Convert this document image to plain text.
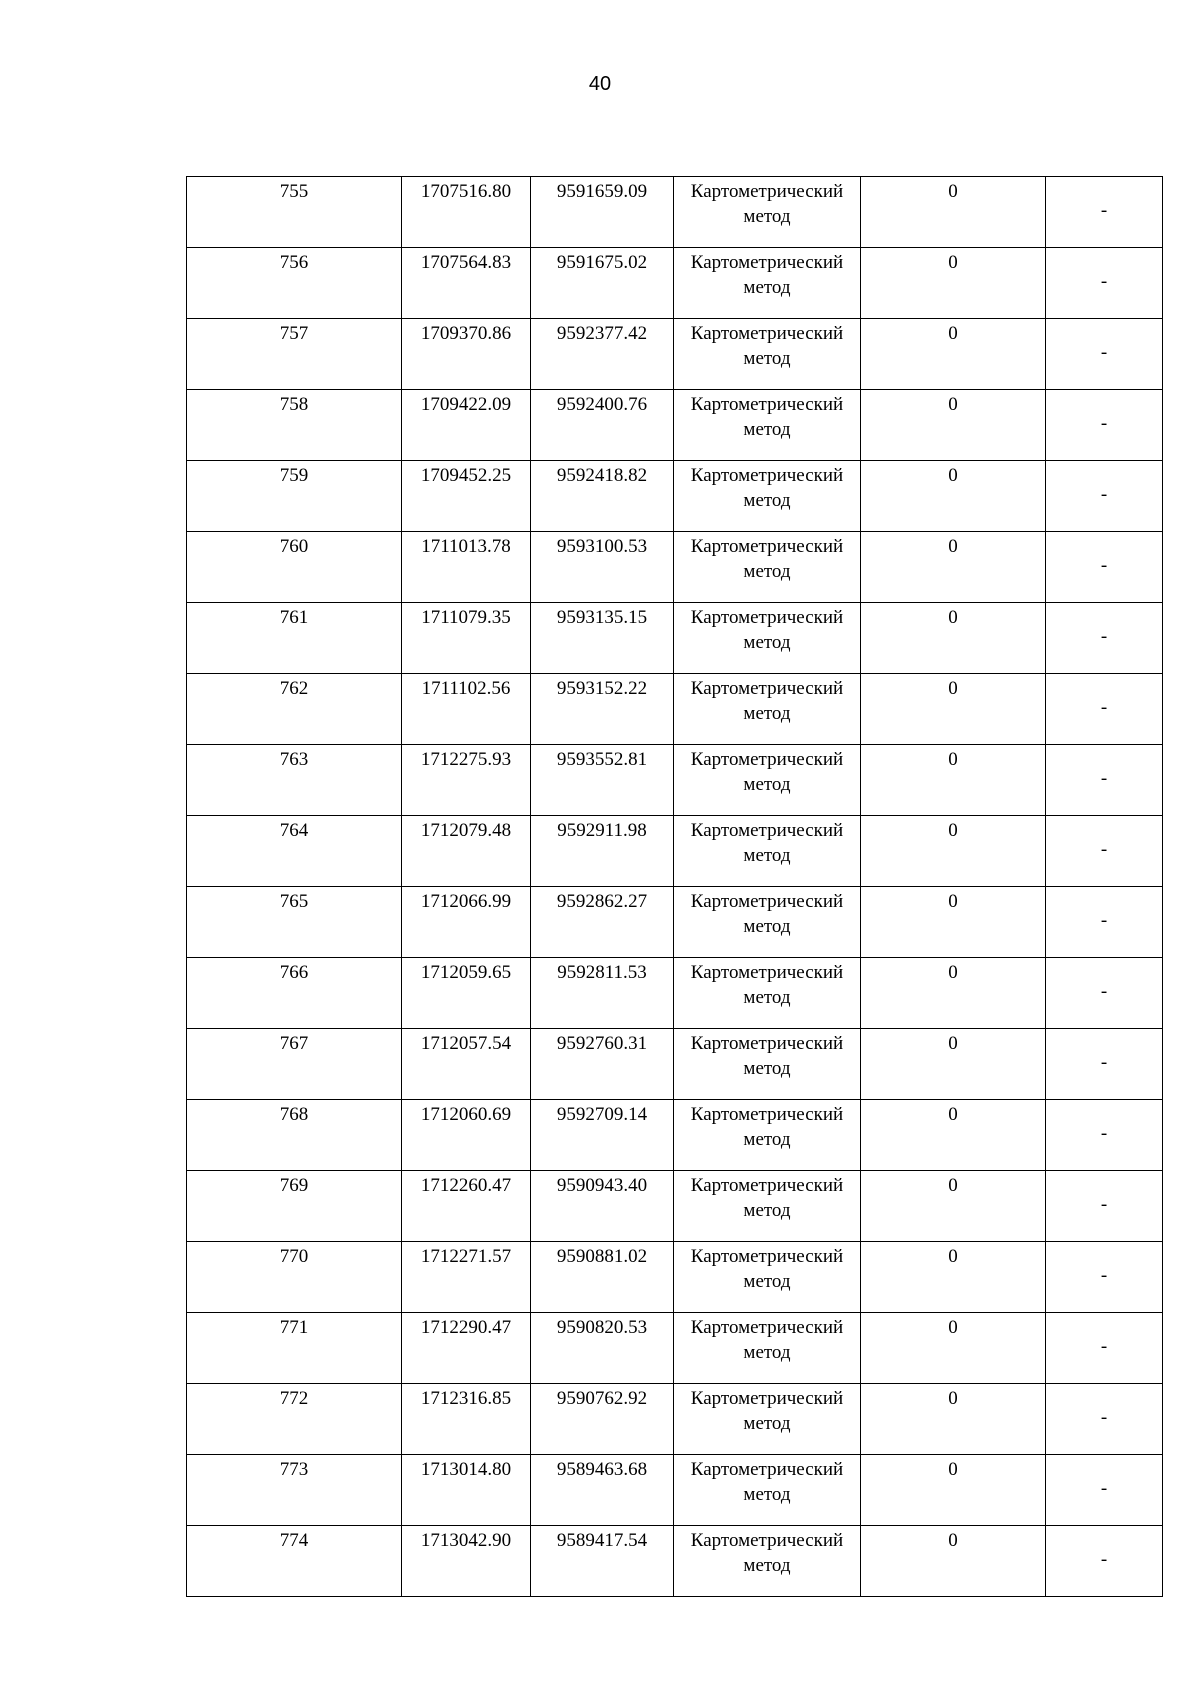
40
755	1707516.80	9591659.09	Картометрический метод	0	-

756	1707564.83	9591675.02	Картометрический метод	0	-

757	1709370.86	9592377.42	Картометрический метод	0	-

758	1709422.09	9592400.76	Картометрический метод	0	-

759	1709452.25	9592418.82	Картометрический метод	0	-

760	1711013.78	9593100.53	Картометрический метод	0	-

761	1711079.35	9593135.15	Картометрический метод	0	-

762	1711102.56	9593152.22	Картометрический метод	0	-

763	1712275.93	9593552.81	Картометрический метод	0	-

764	1712079.48	9592911.98	Картометрический метод	0	-

765	1712066.99	9592862.27	Картометрический метод	0	-

766	1712059.65	9592811.53	Картометрический метод	0	-

767	1712057.54	9592760.31	Картометрический метод	0	-

768	1712060.69	9592709.14	Картометрический метод	0	-

769	1712260.47	9590943.40	Картометрический метод	0	-

770	1712271.57	9590881.02	Картометрический метод	0	-

771	1712290.47	9590820.53	Картометрический метод	0	-

772	1712316.85	9590762.92	Картометрический метод	0	-

773	1713014.80	9589463.68	Картометрический метод	0	-

774	1713042.90	9589417.54	Картометрический метод	0	-
